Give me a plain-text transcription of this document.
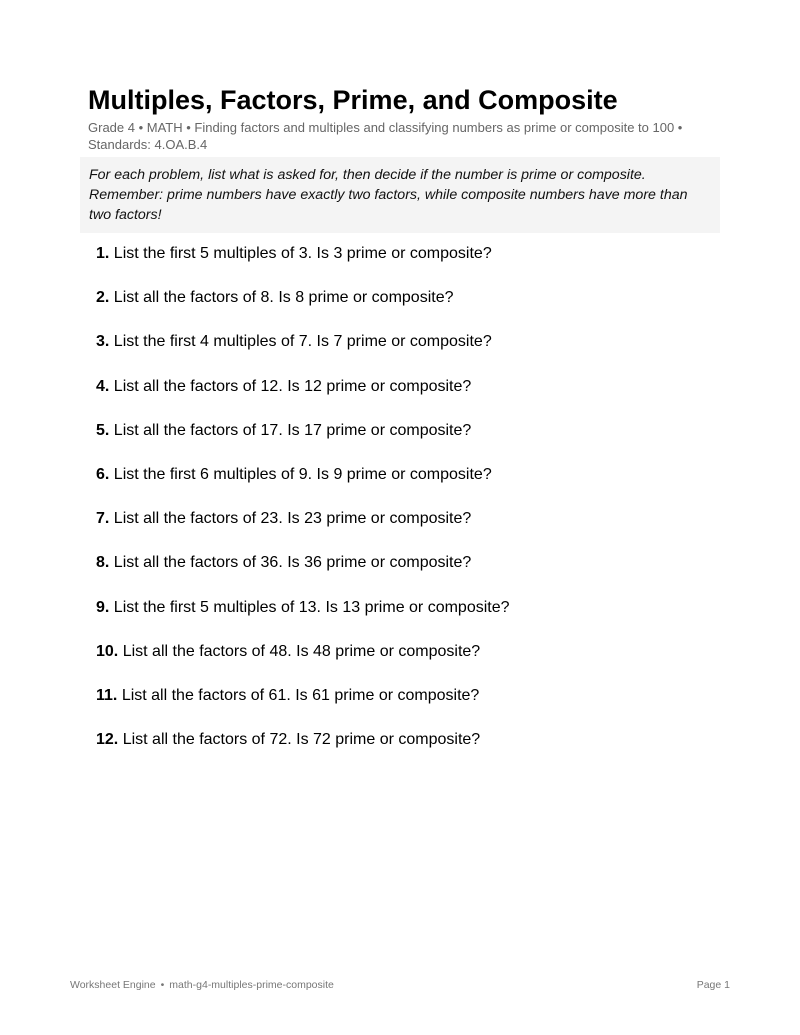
Multiples, Factors, Prime, and Composite
Grade 4 • MATH • Finding factors and multiples and classifying numbers as prime or composite to 100 • Standards: 4.OA.B.4
For each problem, list what is asked for, then decide if the number is prime or composite. Remember: prime numbers have exactly two factors, while composite numbers have more than two factors!
1. List the first 5 multiples of 3. Is 3 prime or composite?
2. List all the factors of 8. Is 8 prime or composite?
3. List the first 4 multiples of 7. Is 7 prime or composite?
4. List all the factors of 12. Is 12 prime or composite?
5. List all the factors of 17. Is 17 prime or composite?
6. List the first 6 multiples of 9. Is 9 prime or composite?
7. List all the factors of 23. Is 23 prime or composite?
8. List all the factors of 36. Is 36 prime or composite?
9. List the first 5 multiples of 13. Is 13 prime or composite?
10. List all the factors of 48. Is 48 prime or composite?
11. List all the factors of 61. Is 61 prime or composite?
12. List all the factors of 72. Is 72 prime or composite?
Worksheet Engine • math-g4-multiples-prime-composite	Page 1
